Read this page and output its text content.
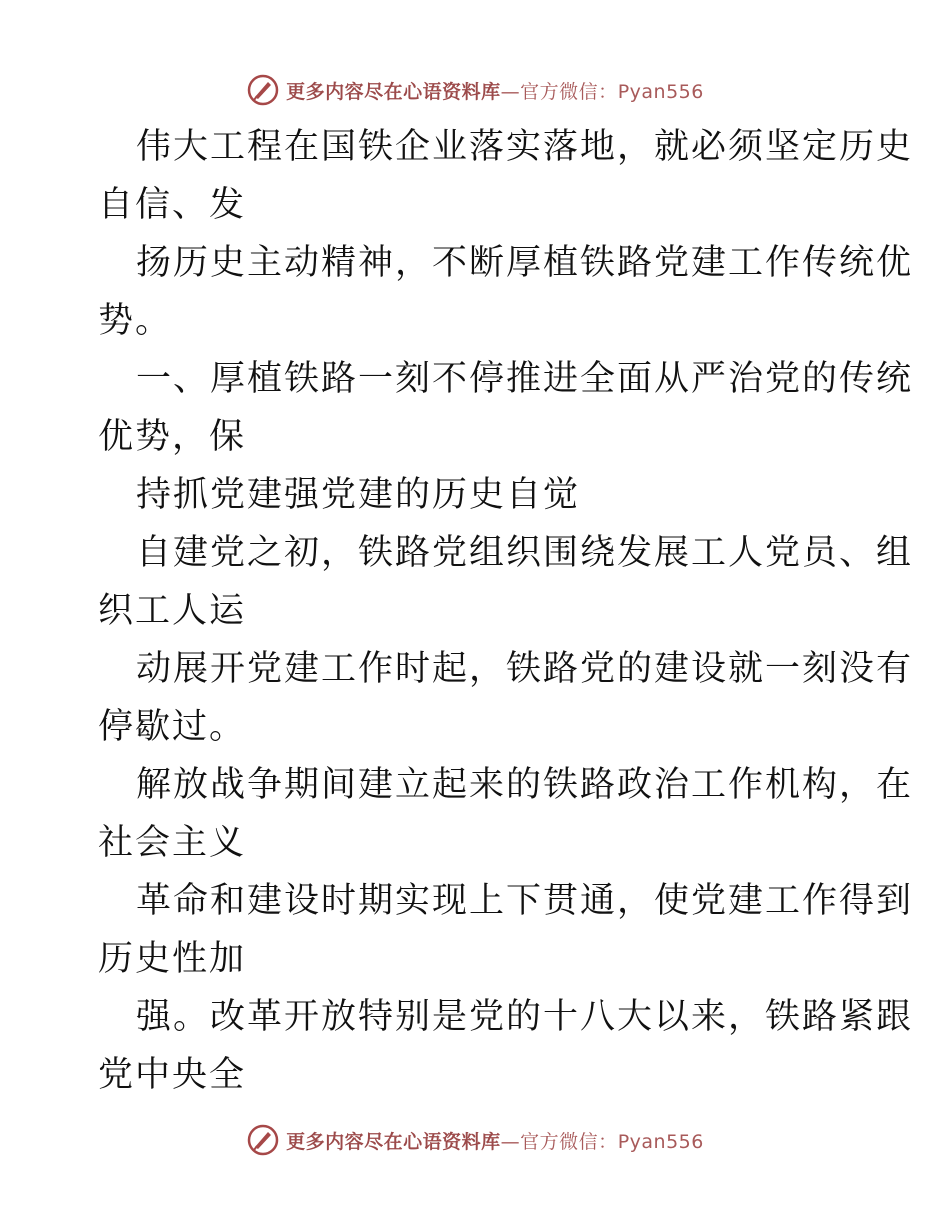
更多内容尽在心语资料库—官方微信：Pyan556
伟大工程在国铁企业落实落地，就必须坚定历史
自信、发
扬历史主动精神，不断厚植铁路党建工作传统优
势。
一、厚植铁路一刻不停推进全面从严治党的传统
优势，保
持抓党建强党建的历史自觉
自建党之初，铁路党组织围绕发展工人党员、组
织工人运
动展开党建工作时起，铁路党的建设就一刻没有
停歇过。
解放战争期间建立起来的铁路政治工作机构，在
社会主义
革命和建设时期实现上下贯通，使党建工作得到
历史性加
强。改革开放特别是党的十八大以来，铁路紧跟
党中央全
更多内容尽在心语资料库—官方微信：Pyan556
